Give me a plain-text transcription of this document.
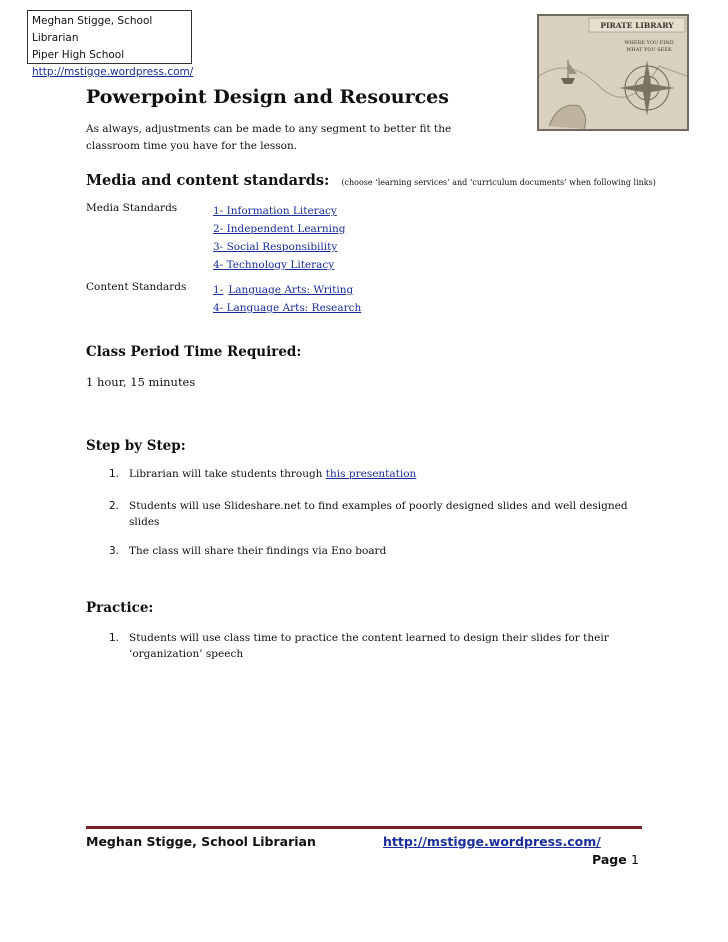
Meghan Stigge, School Librarian
Piper High School
http://mstigge.wordpress.com/
PIRATE LIBRARY
WHERE YOU FIND
WHAT YOU SEEK
Powerpoint Design and Resources
As always, adjustments can be made to any segment to better fit the
classroom time you have for the lesson.
Media and content standards: (choose ‘learning services’ and ‘curriculum documents’ when following links)
Media Standards	1- Information Literacy
2- Independent Learning
3- Social Responsibility
4- Technology Literacy
Content Standards	1- Language Arts: Writing
4- Language Arts: Research
Class Period Time Required:
1 hour, 15 minutes
Step by Step:
1. Librarian will take students through this presentation
2. Students will use Slideshare.net to find examples of poorly designed slides and well designed
slides
3. The class will share their findings via Eno board
Practice:
1. Students will use class time to practice the content learned to design their slides for their
‘organization’ speech
Meghan Stigge, School Librarian	http://mstigge.wordpress.com/
Page 1
